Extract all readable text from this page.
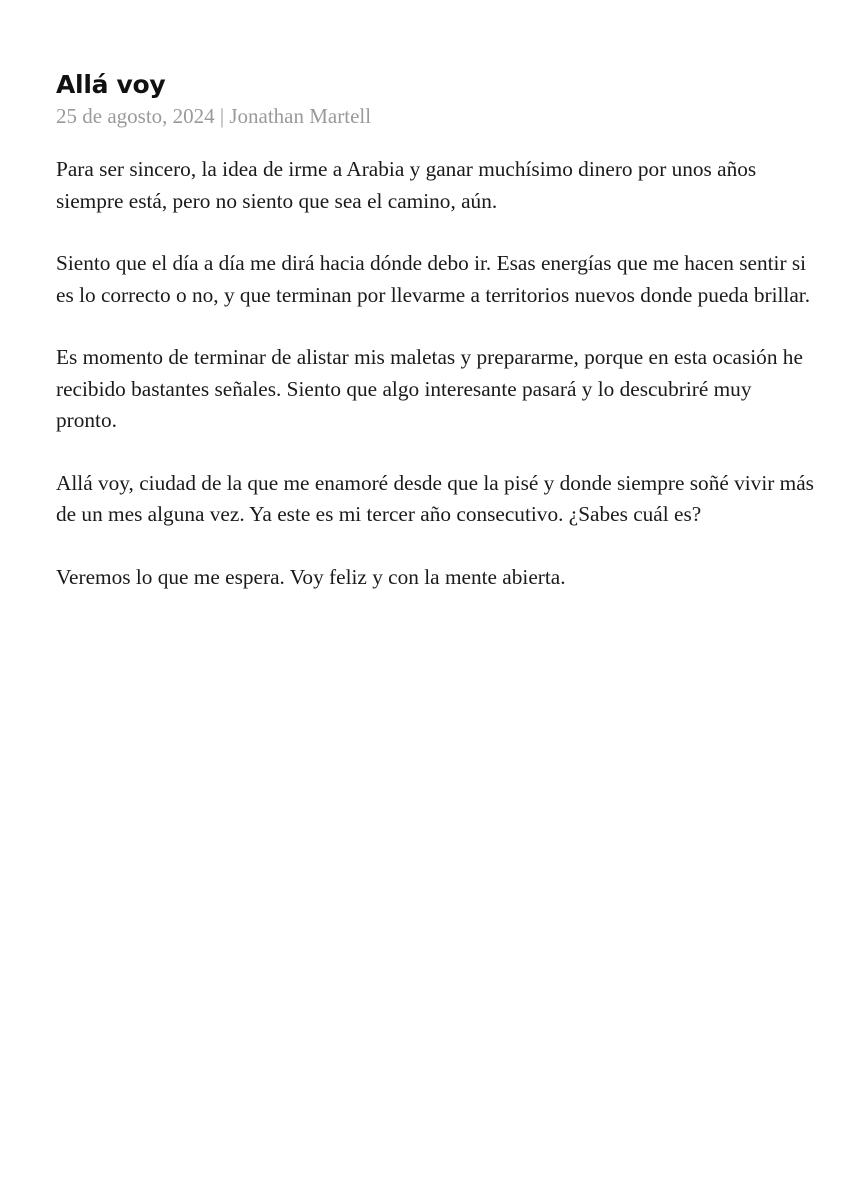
Allá voy

25 de agosto, 2024 | Jonathan Martell

Para ser sincero, la idea de irme a Arabia y ganar muchísimo dinero por unos años siempre está, pero no siento que sea el camino, aún.

Siento que el día a día me dirá hacia dónde debo ir. Esas energías que me hacen sentir si es lo correcto o no, y que terminan por llevarme a territorios nuevos donde pueda brillar.

Es momento de terminar de alistar mis maletas y prepararme, porque en esta ocasión he recibido bastantes señales. Siento que algo interesante pasará y lo descubriré muy pronto.

Allá voy, ciudad de la que me enamoré desde que la pisé y donde siempre soñé vivir más de un mes alguna vez. Ya este es mi tercer año consecutivo. ¿Sabes cuál es?

Veremos lo que me espera. Voy feliz y con la mente abierta.
